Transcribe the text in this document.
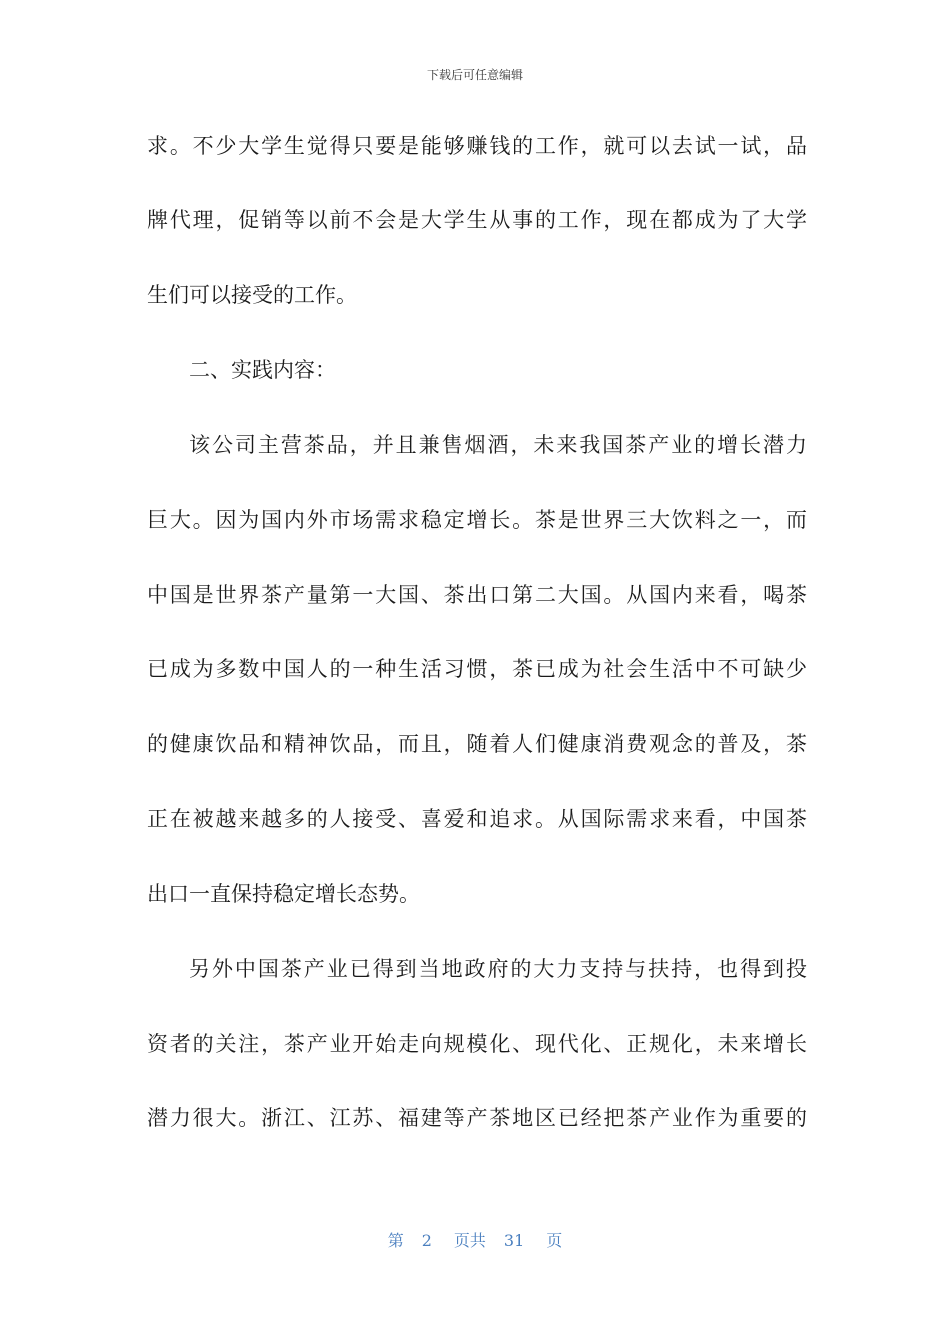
下载后可任意编辑
求。不少大学生觉得只要是能够赚钱的工作，就可以去试一试，品
牌代理，促销等以前不会是大学生从事的工作，现在都成为了大学
生们可以接受的工作。
二、实践内容：
该公司主营茶品，并且兼售烟酒，未来我国茶产业的增长潜力
巨大。因为国内外市场需求稳定增长。茶是世界三大饮料之一，而
中国是世界茶产量第一大国、茶出口第二大国。从国内来看，喝茶
已成为多数中国人的一种生活习惯，茶已成为社会生活中不可缺少
的健康饮品和精神饮品，而且，随着人们健康消费观念的普及，茶
正在被越来越多的人接受、喜爱和追求。从国际需求来看，中国茶
出口一直保持稳定增长态势。
另外中国茶产业已得到当地政府的大力支持与扶持，也得到投
资者的关注，茶产业开始走向规模化、现代化、正规化，未来增长
潜力很大。浙江、江苏、福建等产茶地区已经把茶产业作为重要的
第 2 页共 31 页
